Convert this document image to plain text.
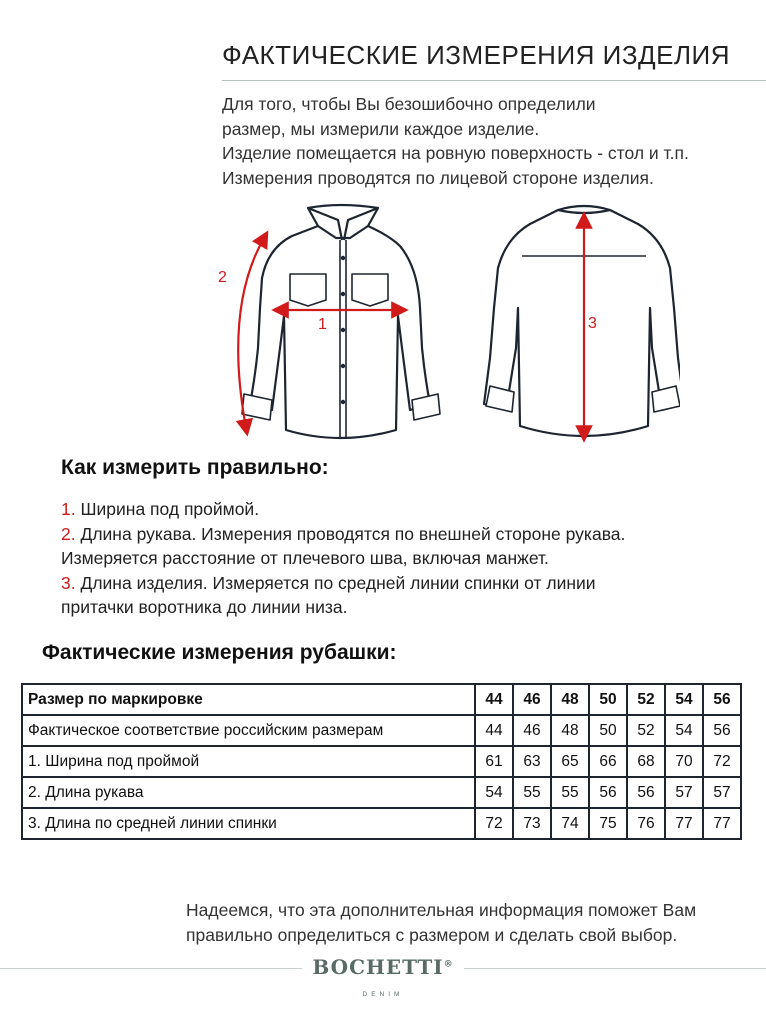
ФАКТИЧЕСКИЕ ИЗМЕРЕНИЯ ИЗДЕЛИЯ
Для того, чтобы Вы безошибочно определили
размер, мы измерили каждое изделие.
Изделие помещается на ровную поверхность - стол и т.п.
Измерения проводятся по лицевой стороне изделия.
1
2
3
Как измерить правильно:
1. Ширина под проймой.
2. Длина рукава. Измерения проводятся по внешней стороне рукава.
Измеряется расстояние от плечевого шва, включая манжет.
3. Длина изделия. Измеряется по средней линии спинки от линии
притачки воротника до линии низа.
Фактические измерения рубашки:
Размер по маркировке	44	46	48	50	52	54	56
Фактическое соответствие российским размерам	44	46	48	50	52	54	56
1. Ширина под проймой	61	63	65	66	68	70	72
2. Длина рукава	54	55	55	56	56	57	57
3. Длина по средней линии спинки	72	73	74	75	76	77	77
Надеемся, что эта дополнительная информация поможет Вам
правильно определиться с размером и сделать свой выбор.
BOCHETTI®
DENIM
